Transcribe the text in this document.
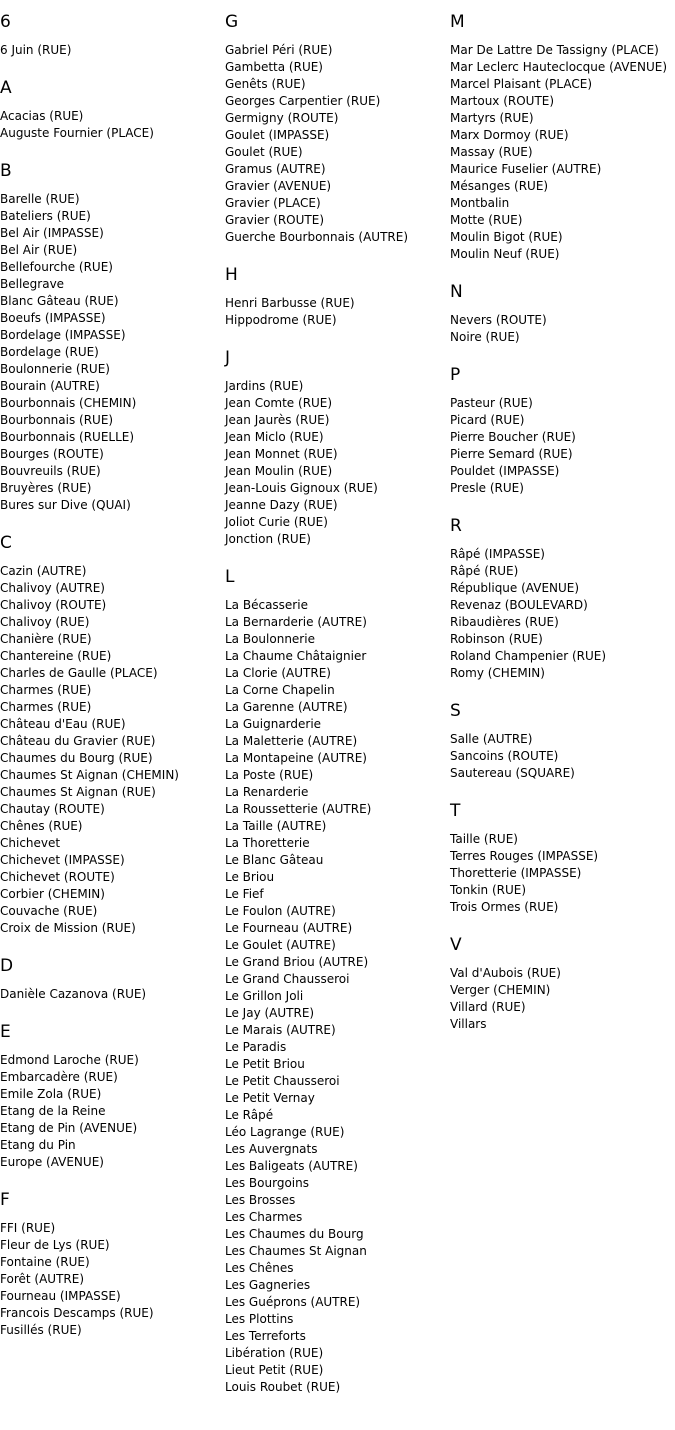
6
6 Juin (RUE)
A
Acacias (RUE)
Auguste Fournier (PLACE)
B
Barelle (RUE)
Bateliers (RUE)
Bel Air (IMPASSE)
Bel Air (RUE)
Bellefourche (RUE)
Bellegrave
Blanc Gâteau (RUE)
Boeufs (IMPASSE)
Bordelage (IMPASSE)
Bordelage (RUE)
Boulonnerie (RUE)
Bourain (AUTRE)
Bourbonnais (CHEMIN)
Bourbonnais (RUE)
Bourbonnais (RUELLE)
Bourges (ROUTE)
Bouvreuils (RUE)
Bruyères (RUE)
Bures sur Dive (QUAI)
C
Cazin (AUTRE)
Chalivoy (AUTRE)
Chalivoy (ROUTE)
Chalivoy (RUE)
Chanière (RUE)
Chantereine (RUE)
Charles de Gaulle (PLACE)
Charmes (RUE)
Charmes (RUE)
Château d'Eau (RUE)
Château du Gravier (RUE)
Chaumes du Bourg (RUE)
Chaumes St Aignan (CHEMIN)
Chaumes St Aignan (RUE)
Chautay (ROUTE)
Chênes (RUE)
Chichevet
Chichevet (IMPASSE)
Chichevet (ROUTE)
Corbier (CHEMIN)
Couvache (RUE)
Croix de Mission (RUE)
D
Danièle Cazanova (RUE)
E
Edmond Laroche (RUE)
Embarcadère (RUE)
Emile Zola (RUE)
Etang de la Reine
Etang de Pin (AVENUE)
Etang du Pin
Europe (AVENUE)
F
FFI (RUE)
Fleur de Lys (RUE)
Fontaine (RUE)
Forêt (AUTRE)
Fourneau (IMPASSE)
Francois Descamps (RUE)
Fusillés (RUE)
G
Gabriel Péri (RUE)
Gambetta (RUE)
Genêts (RUE)
Georges Carpentier (RUE)
Germigny (ROUTE)
Goulet (IMPASSE)
Goulet (RUE)
Gramus (AUTRE)
Gravier (AVENUE)
Gravier (PLACE)
Gravier (ROUTE)
Guerche Bourbonnais (AUTRE)
H
Henri Barbusse (RUE)
Hippodrome (RUE)
J
Jardins (RUE)
Jean Comte (RUE)
Jean Jaurès (RUE)
Jean Miclo (RUE)
Jean Monnet (RUE)
Jean Moulin (RUE)
Jean-Louis Gignoux (RUE)
Jeanne Dazy (RUE)
Joliot Curie (RUE)
Jonction (RUE)
L
La Bécasserie
La Bernarderie (AUTRE)
La Boulonnerie
La Chaume Châtaignier
La Clorie (AUTRE)
La Corne Chapelin
La Garenne (AUTRE)
La Guignarderie
La Maletterie (AUTRE)
La Montapeine (AUTRE)
La Poste (RUE)
La Renarderie
La Roussetterie (AUTRE)
La Taille (AUTRE)
La Thoretterie
Le Blanc Gâteau
Le Briou
Le Fief
Le Foulon (AUTRE)
Le Fourneau (AUTRE)
Le Goulet (AUTRE)
Le Grand Briou (AUTRE)
Le Grand Chausseroi
Le Grillon Joli
Le Jay (AUTRE)
Le Marais (AUTRE)
Le Paradis
Le Petit Briou
Le Petit Chausseroi
Le Petit Vernay
Le Râpé
Léo Lagrange (RUE)
Les Auvergnats
Les Baligeats (AUTRE)
Les Bourgoins
Les Brosses
Les Charmes
Les Chaumes du Bourg
Les Chaumes St Aignan
Les Chênes
Les Gagneries
Les Guéprons (AUTRE)
Les Plottins
Les Terreforts
Libération (RUE)
Lieut Petit (RUE)
Louis Roubet (RUE)
M
Mar De Lattre De Tassigny (PLACE)
Mar Leclerc Hauteclocque (AVENUE)
Marcel Plaisant (PLACE)
Martoux (ROUTE)
Martyrs (RUE)
Marx Dormoy (RUE)
Massay (RUE)
Maurice Fuselier (AUTRE)
Mésanges (RUE)
Montbalin
Motte (RUE)
Moulin Bigot (RUE)
Moulin Neuf (RUE)
N
Nevers (ROUTE)
Noire (RUE)
P
Pasteur (RUE)
Picard (RUE)
Pierre Boucher (RUE)
Pierre Semard (RUE)
Pouldet (IMPASSE)
Presle (RUE)
R
Râpé (IMPASSE)
Râpé (RUE)
République (AVENUE)
Revenaz (BOULEVARD)
Ribaudières (RUE)
Robinson (RUE)
Roland Champenier (RUE)
Romy (CHEMIN)
S
Salle (AUTRE)
Sancoins (ROUTE)
Sautereau (SQUARE)
T
Taille (RUE)
Terres Rouges (IMPASSE)
Thoretterie (IMPASSE)
Tonkin (RUE)
Trois Ormes (RUE)
V
Val d'Aubois (RUE)
Verger (CHEMIN)
Villard (RUE)
Villars
